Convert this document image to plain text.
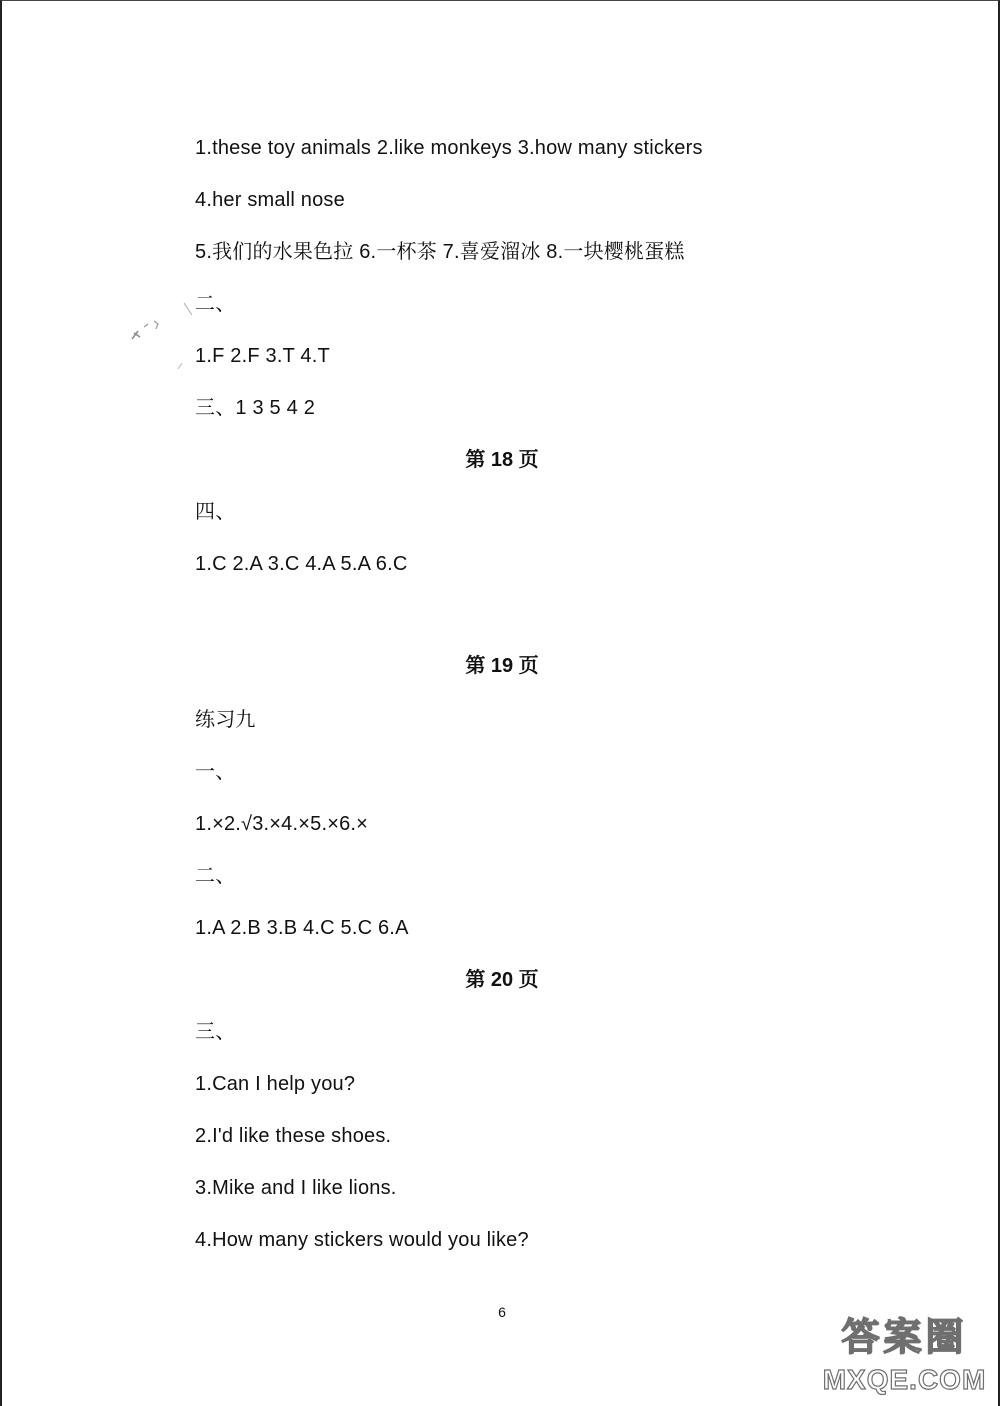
1.these toy animals 2.like monkeys 3.how many stickers
4.her small nose
5.我们的水果色拉 6.一杯茶 7.喜爱溜冰 8.一块樱桃蛋糕
二、
1.F 2.F 3.T 4.T
三、1 3 5 4 2
第 18 页
四、
1.C 2.A 3.C 4.A 5.A 6.C
第 19 页
练习九
一、
1.×2.√3.×4.×5.×6.×
二、
1.A 2.B 3.B 4.C 5.C 6.A
第 20 页
三、
1.Can I help you?
2.I'd like these shoes.
3.Mike and I like lions.
4.How many stickers would you like?
6
答案圈
MXQE.COM
